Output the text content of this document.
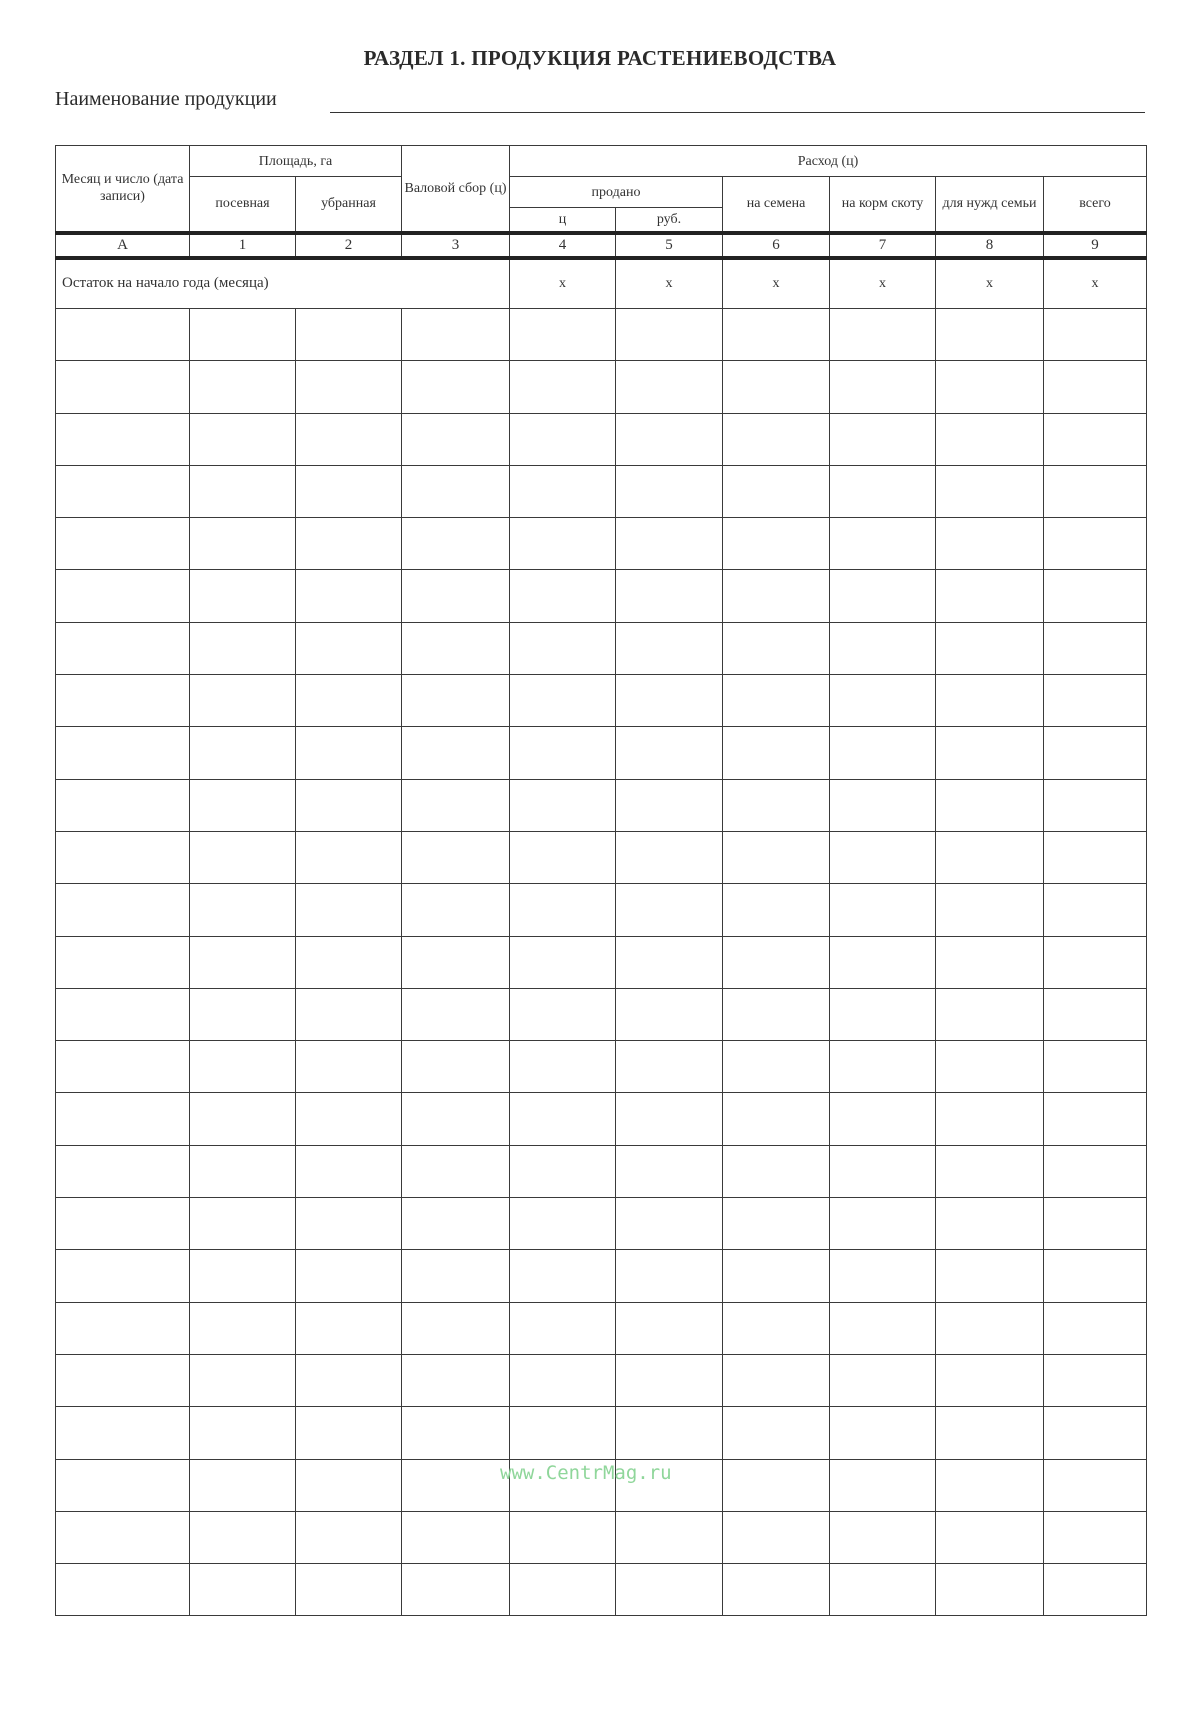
РАЗДЕЛ 1. ПРОДУКЦИЯ РАСТЕНИЕВОДСТВА
Наименование продукции
Месяц и число (дата записи)	Площадь, га		Валовой сбор (ц)	Расход (ц)					
	посевная	убранная		продано		на семена	на корм скоту	для нужд семьи	всего
				ц	руб.				
А	1	2	3	4	5	6	7	8	9
Остаток на начало года (месяца)				х	х	х	х	х	х

www.CentrMag.ru
